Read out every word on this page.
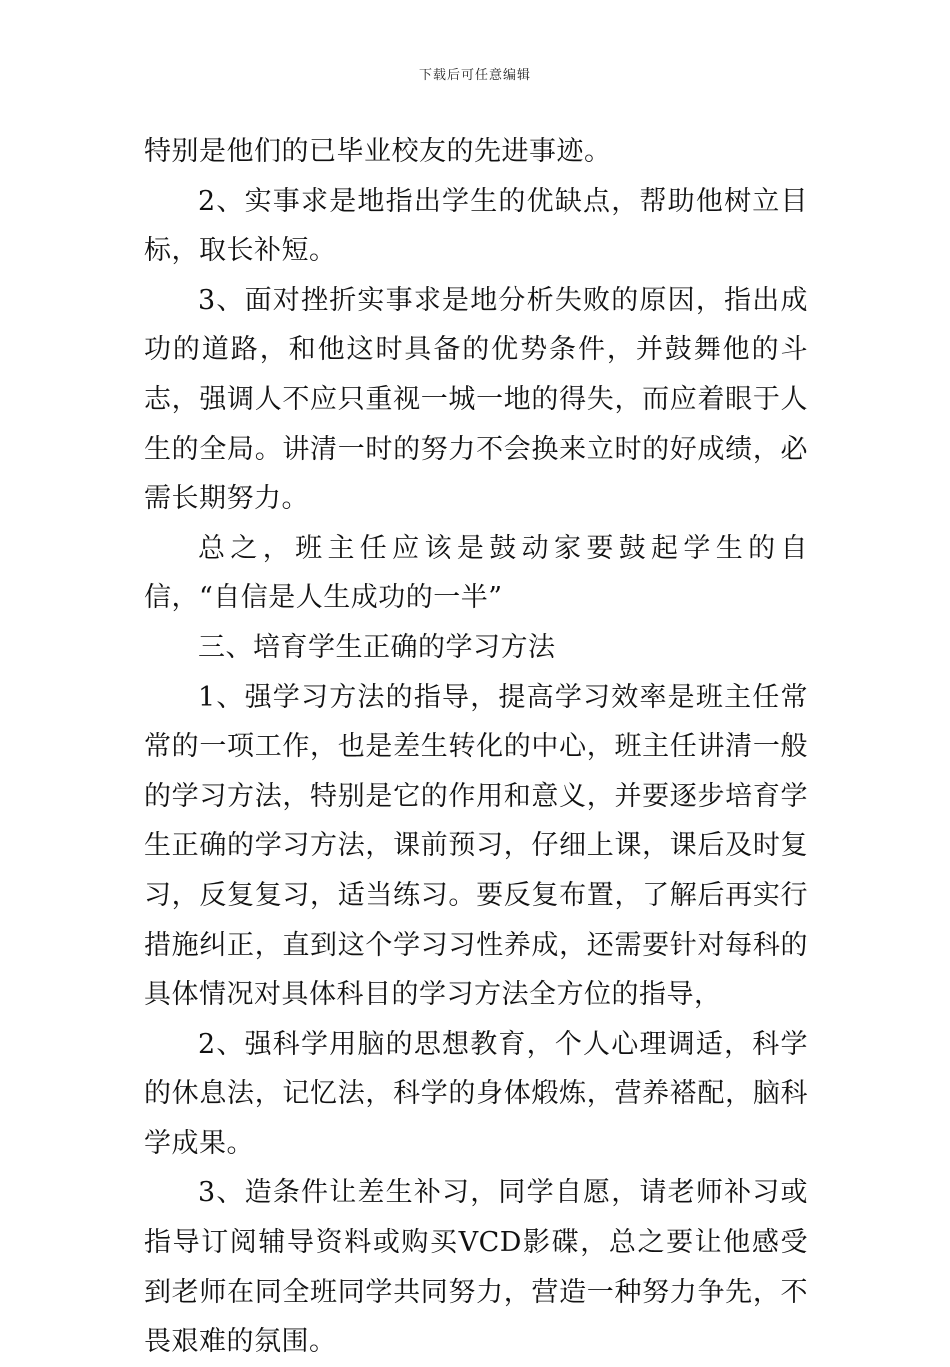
下载后可任意编辑

特别是他们的已毕业校友的先进事迹。

2、实事求是地指出学生的优缺点，帮助他树立目标，取长补短。

3、面对挫折实事求是地分析失败的原因，指出成功的道路，和他这时具备的优势条件，并鼓舞他的斗志，强调人不应只重视一城一地的得失，而应着眼于人生的全局。讲清一时的努力不会换来立时的好成绩，必需长期努力。

总之，班主任应该是鼓动家要鼓起学生的自信，“自信是人生成功的一半”

三、培育学生正确的学习方法

1、强学习方法的指导，提高学习效率是班主任常常的一项工作，也是差生转化的中心，班主任讲清一般的学习方法，特别是它的作用和意义，并要逐步培育学生正确的学习方法，课前预习，仔细上课，课后及时复习，反复复习，适当练习。要反复布置，了解后再实行措施纠正，直到这个学习习性养成，还需要针对每科的具体情况对具体科目的学习方法全方位的指导，

2、强科学用脑的思想教育，个人心理调适，科学的休息法，记忆法，科学的身体煅炼，营养褡配，脑科学成果。

3、造条件让差生补习，同学自愿，请老师补习或指导订阅辅导资料或购买VCD影碟，总之要让他感受到老师在同全班同学共同努力，营造一种努力争先，不畏艰难的氛围。
